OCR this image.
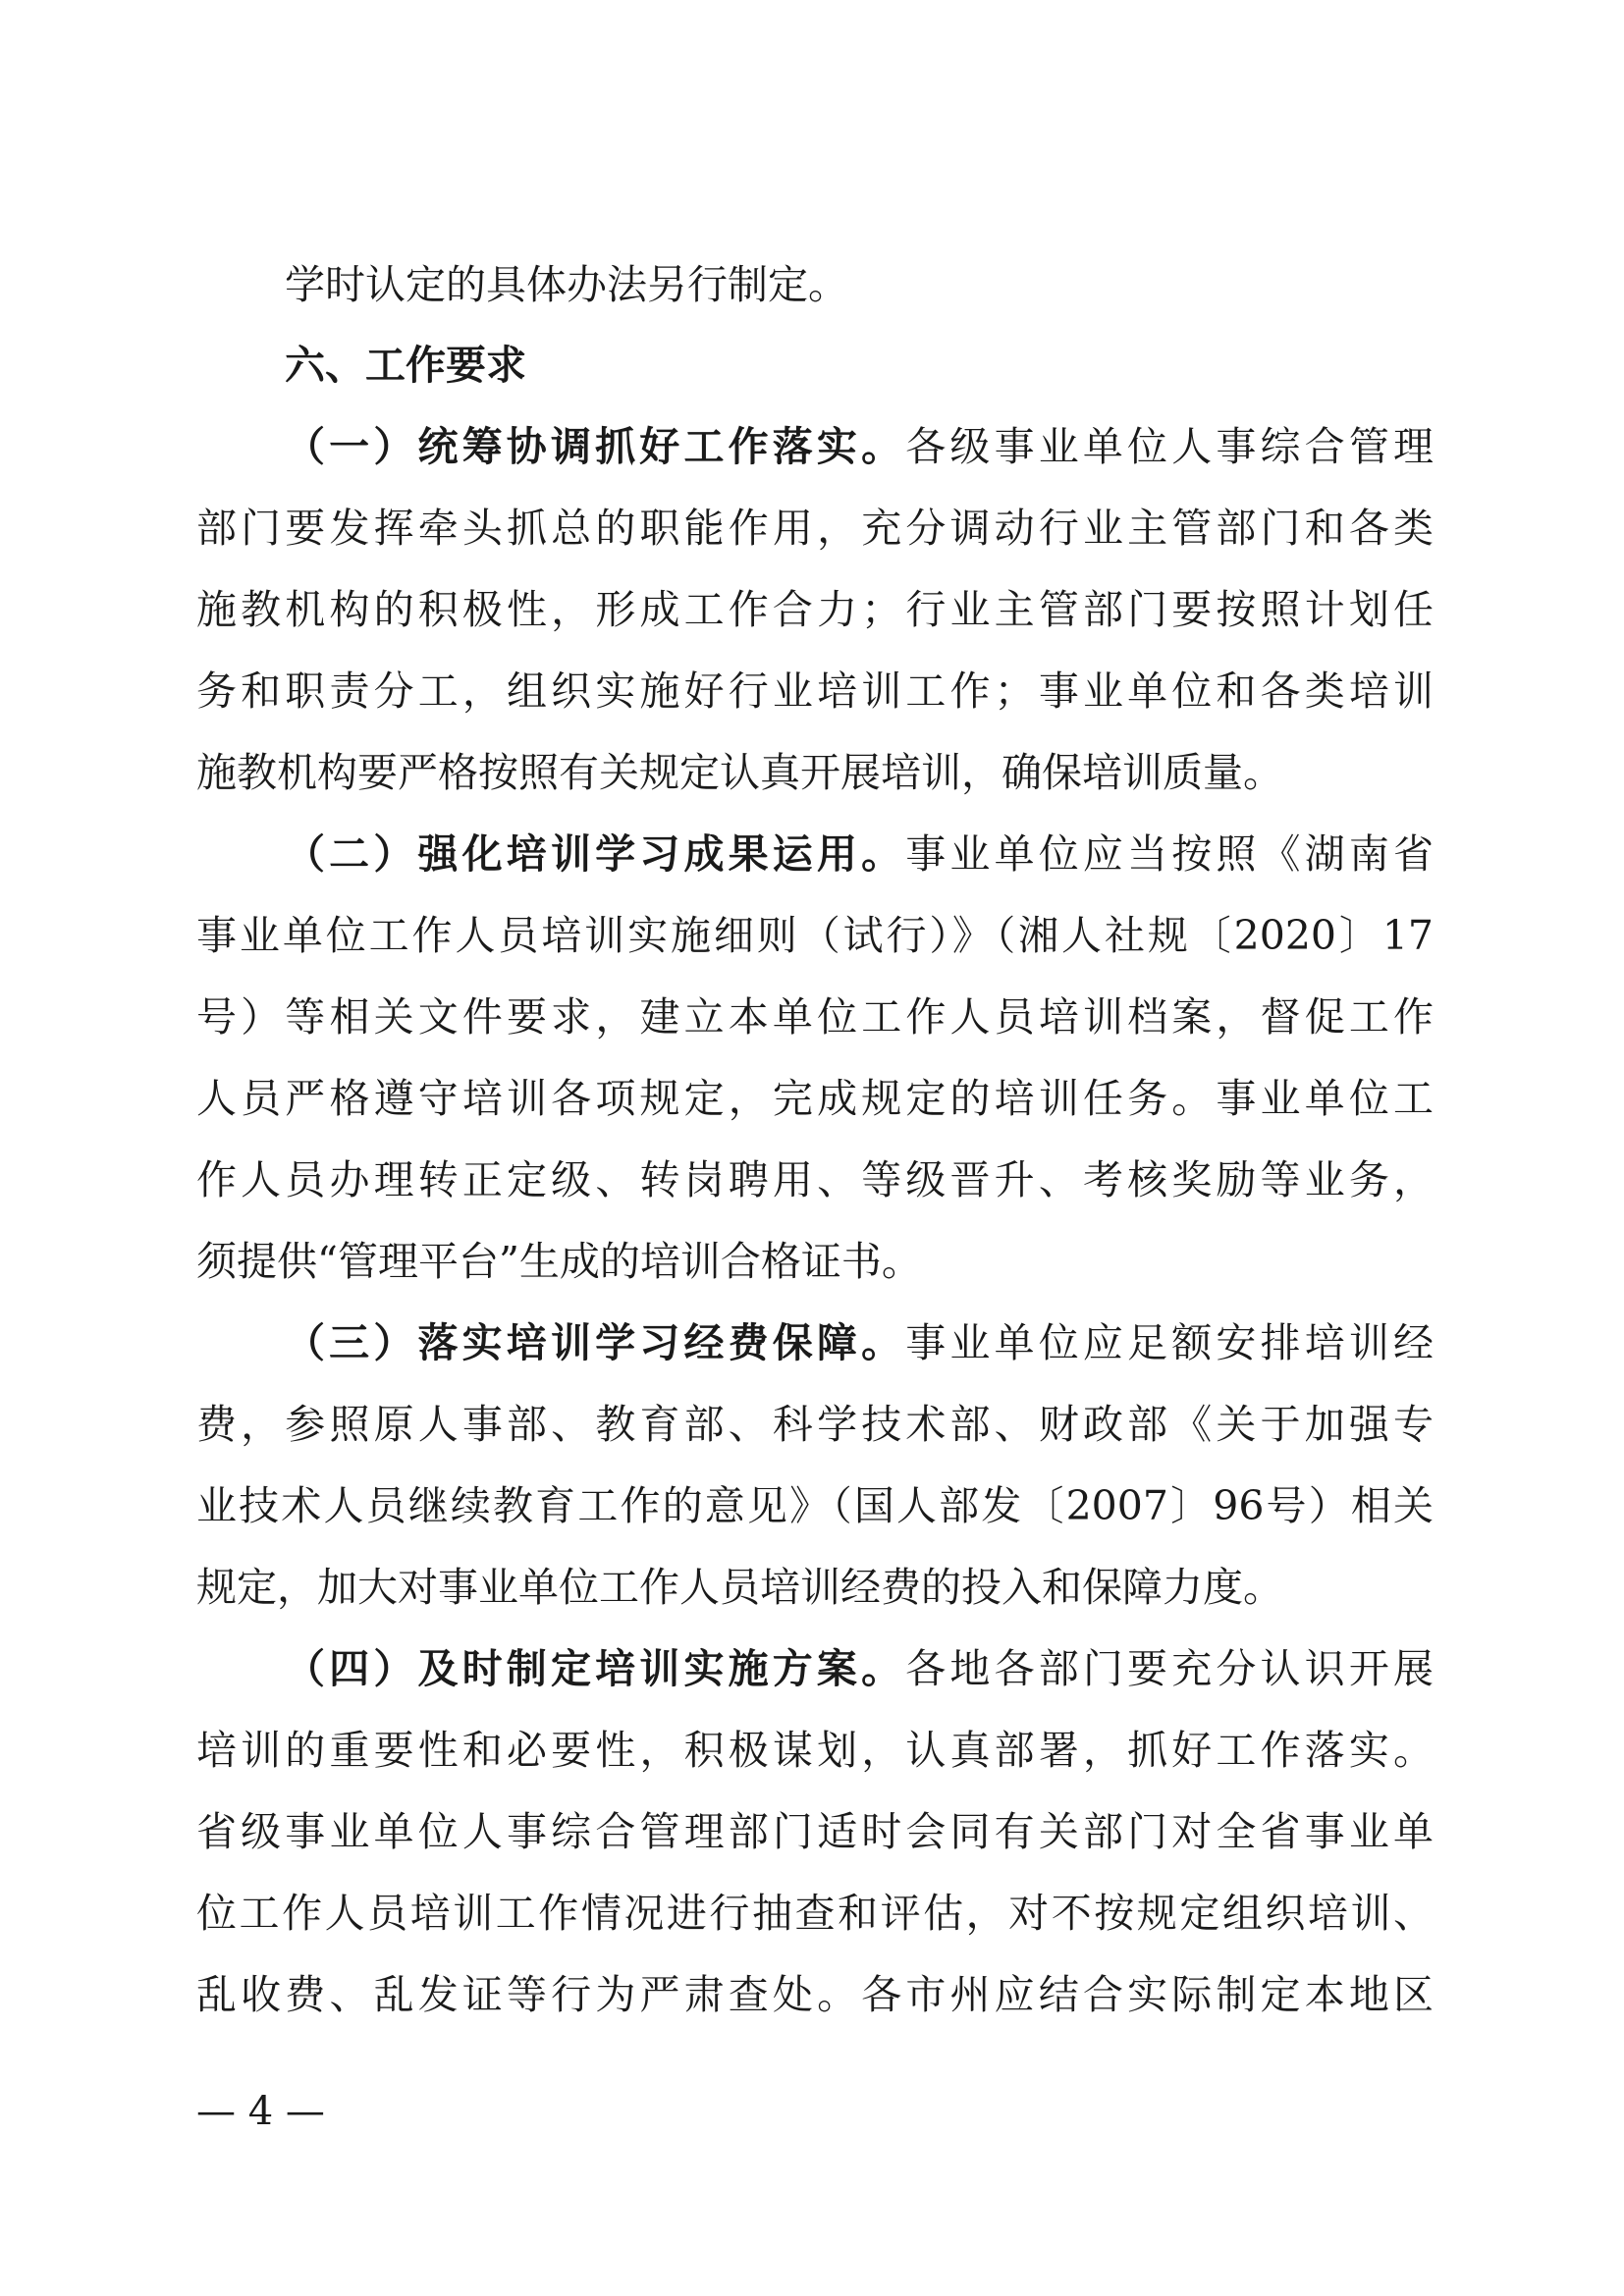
学时认定的具体办法另行制定。
六、工作要求
（一）统筹协调抓好工作落实。各级事业单位人事综合管理
部门要发挥牵头抓总的职能作用，充分调动行业主管部门和各类
施教机构的积极性，形成工作合力；行业主管部门要按照计划任
务和职责分工，组织实施好行业培训工作；事业单位和各类培训
施教机构要严格按照有关规定认真开展培训，确保培训质量。
（二）强化培训学习成果运用。事业单位应当按照《湖南省
事业单位工作人员培训实施细则（试行）》（湘人社规〔2020〕17
号）等相关文件要求，建立本单位工作人员培训档案，督促工作
人员严格遵守培训各项规定，完成规定的培训任务。事业单位工
作人员办理转正定级、转岗聘用、等级晋升、考核奖励等业务，
须提供“管理平台”生成的培训合格证书。
（三）落实培训学习经费保障。事业单位应足额安排培训经
费，参照原人事部、教育部、科学技术部、财政部《关于加强专
业技术人员继续教育工作的意见》（国人部发〔2007〕96号）相关
规定，加大对事业单位工作人员培训经费的投入和保障力度。
（四）及时制定培训实施方案。各地各部门要充分认识开展
培训的重要性和必要性，积极谋划，认真部署，抓好工作落实。
省级事业单位人事综合管理部门适时会同有关部门对全省事业单
位工作人员培训工作情况进行抽查和评估，对不按规定组织培训、
乱收费、乱发证等行为严肃查处。各市州应结合实际制定本地区
— 4 —
